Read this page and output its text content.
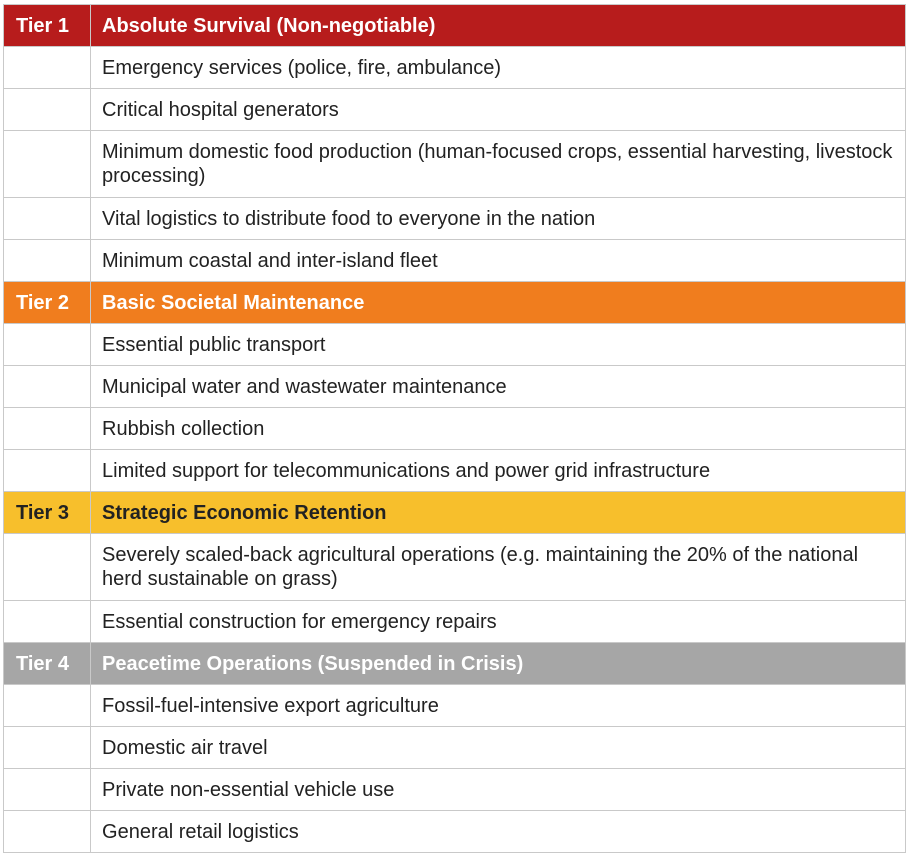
Tier 1	Absolute Survival (Non-negotiable)
	Emergency services (police, fire, ambulance)
	Critical hospital generators
	Minimum domestic food production (human-focused crops, essential harvesting, livestock processing)
	Vital logistics to distribute food to everyone in the nation
	Minimum coastal and inter-island fleet
Tier 2	Basic Societal Maintenance
	Essential public transport
	Municipal water and wastewater maintenance
	Rubbish collection
	Limited support for telecommunications and power grid infrastructure
Tier 3	Strategic Economic Retention
	Severely scaled-back agricultural operations (e.g. maintaining the 20% of the national herd sustainable on grass)
	Essential construction for emergency repairs
Tier 4	Peacetime Operations (Suspended in Crisis)
	Fossil-fuel-intensive export agriculture
	Domestic air travel
	Private non-essential vehicle use
	General retail logistics
